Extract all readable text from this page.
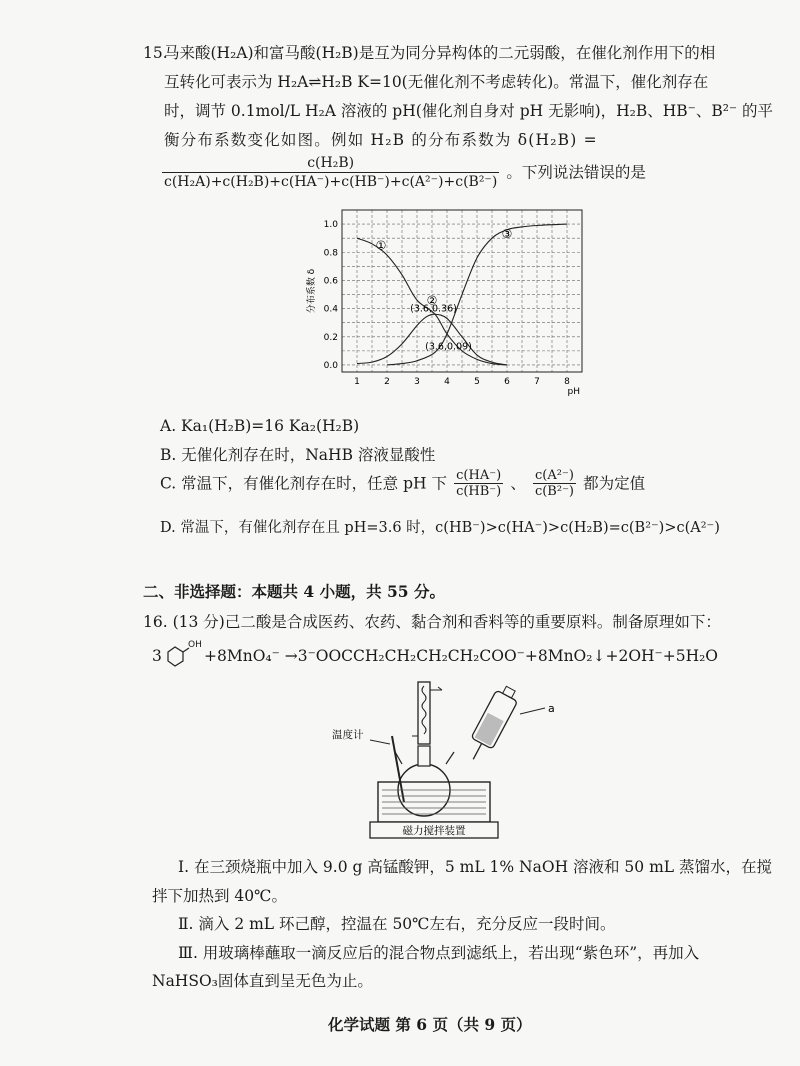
15.
马来酸(H₂A)和富马酸(H₂B)是互为同分异构体的二元弱酸，在催化剂作用下的相
互转化可表示为 H₂A⇌H₂B K=10(无催化剂不考虑转化)。常温下，催化剂存在
时，调节 0.1mol/L H₂A 溶液的 pH(催化剂自身对 pH 无影响)，H₂B、HB⁻、B²⁻ 的平
衡分布系数变化如图。例如 H₂B 的分布系数为 δ(H₂B) =
$\frac{\text{c(H₂B)}}{\text{c(H₂A)+c(H₂B)+c(HA⁻)+c(HB⁻)+c(A²⁻)+c(B²⁻)}}$ 。下列说法错误的是
1	2	3	4	5	6	7	8
0.0
0.2
0.4
0.6
0.8
1.0
pH
分布系数 δ
①
②
③
(3.6,0.36)
(3.6,0.09)
A. Ka₁(H₂B)=16 Ka₂(H₂B)
B. 无催化剂存在时，NaHB 溶液显酸性
C. 常温下，有催化剂存在时，任意 pH 下 $\frac{c(HA^-)}{c(HB^-)}$ 、 $\frac{\text{c(A²⁻)}}{\text{c(B²⁻)}}$ 都为定值
D. 常温下，有催化剂存在且 pH=3.6 时，c(HB⁻)>c(HA⁻)>c(H₂B)=c(B²⁻)>c(A²⁻)
二、非选择题：本题共 4 小题，共 55 分。
16. (13 分)己二酸是合成医药、农药、黏合剂和香料等的重要原料。制备原理如下：
3
OH
+8MnO₄⁻ →3⁻OOCCH₂CH₂CH₂CH₂COO⁻+8MnO₂↓+2OH⁻+5H₂O
a
温度计
磁力搅拌装置
Ⅰ. 在三颈烧瓶中加入 9.0 g 高锰酸钾，5 mL 1% NaOH 溶液和 50 mL 蒸馏水，在搅
拌下加热到 40℃。
Ⅱ. 滴入 2 mL 环己醇，控温在 50℃左右，充分反应一段时间。
Ⅲ. 用玻璃棒蘸取一滴反应后的混合物点到滤纸上，若出现“紫色环”，再加入
NaHSO₃固体直到呈无色为止。
化学试题 第 6 页（共 9 页）
